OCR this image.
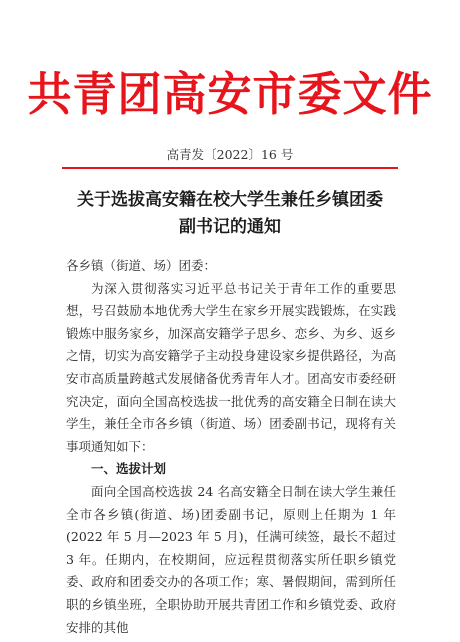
共青团高安市委文件
高青发〔2022〕16 号
关于选拔高安籍在校大学生兼任乡镇团委
副书记的通知

各乡镇（街道、场）团委：

为深入贯彻落实习近平总书记关于青年工作的重要思想，号召鼓励本地优秀大学生在家乡开展实践锻炼，在实践锻炼中服务家乡，加深高安籍学子思乡、恋乡、为乡、返乡之情，切实为高安籍学子主动投身建设家乡提供路径，为高安市高质量跨越式发展储备优秀青年人才。团高安市委经研究决定，面向全国高校选拔一批优秀的高安籍全日制在读大学生，兼任全市各乡镇（街道、场）团委副书记，现将有关事项通知如下：

一、选拔计划

面向全国高校选拔 24 名高安籍全日制在读大学生兼任全市各乡镇(街道、场)团委副书记，原则上任期为 1 年(2022 年 5 月—2023 年 5 月)，任满可续签，最长不超过 3 年。任期内，在校期间，应远程贯彻落实所任职乡镇党委、政府和团委交办的各项工作；寒、暑假期间，需到所任职的乡镇坐班，全职协助开展共青团工作和乡镇党委、政府安排的其他
